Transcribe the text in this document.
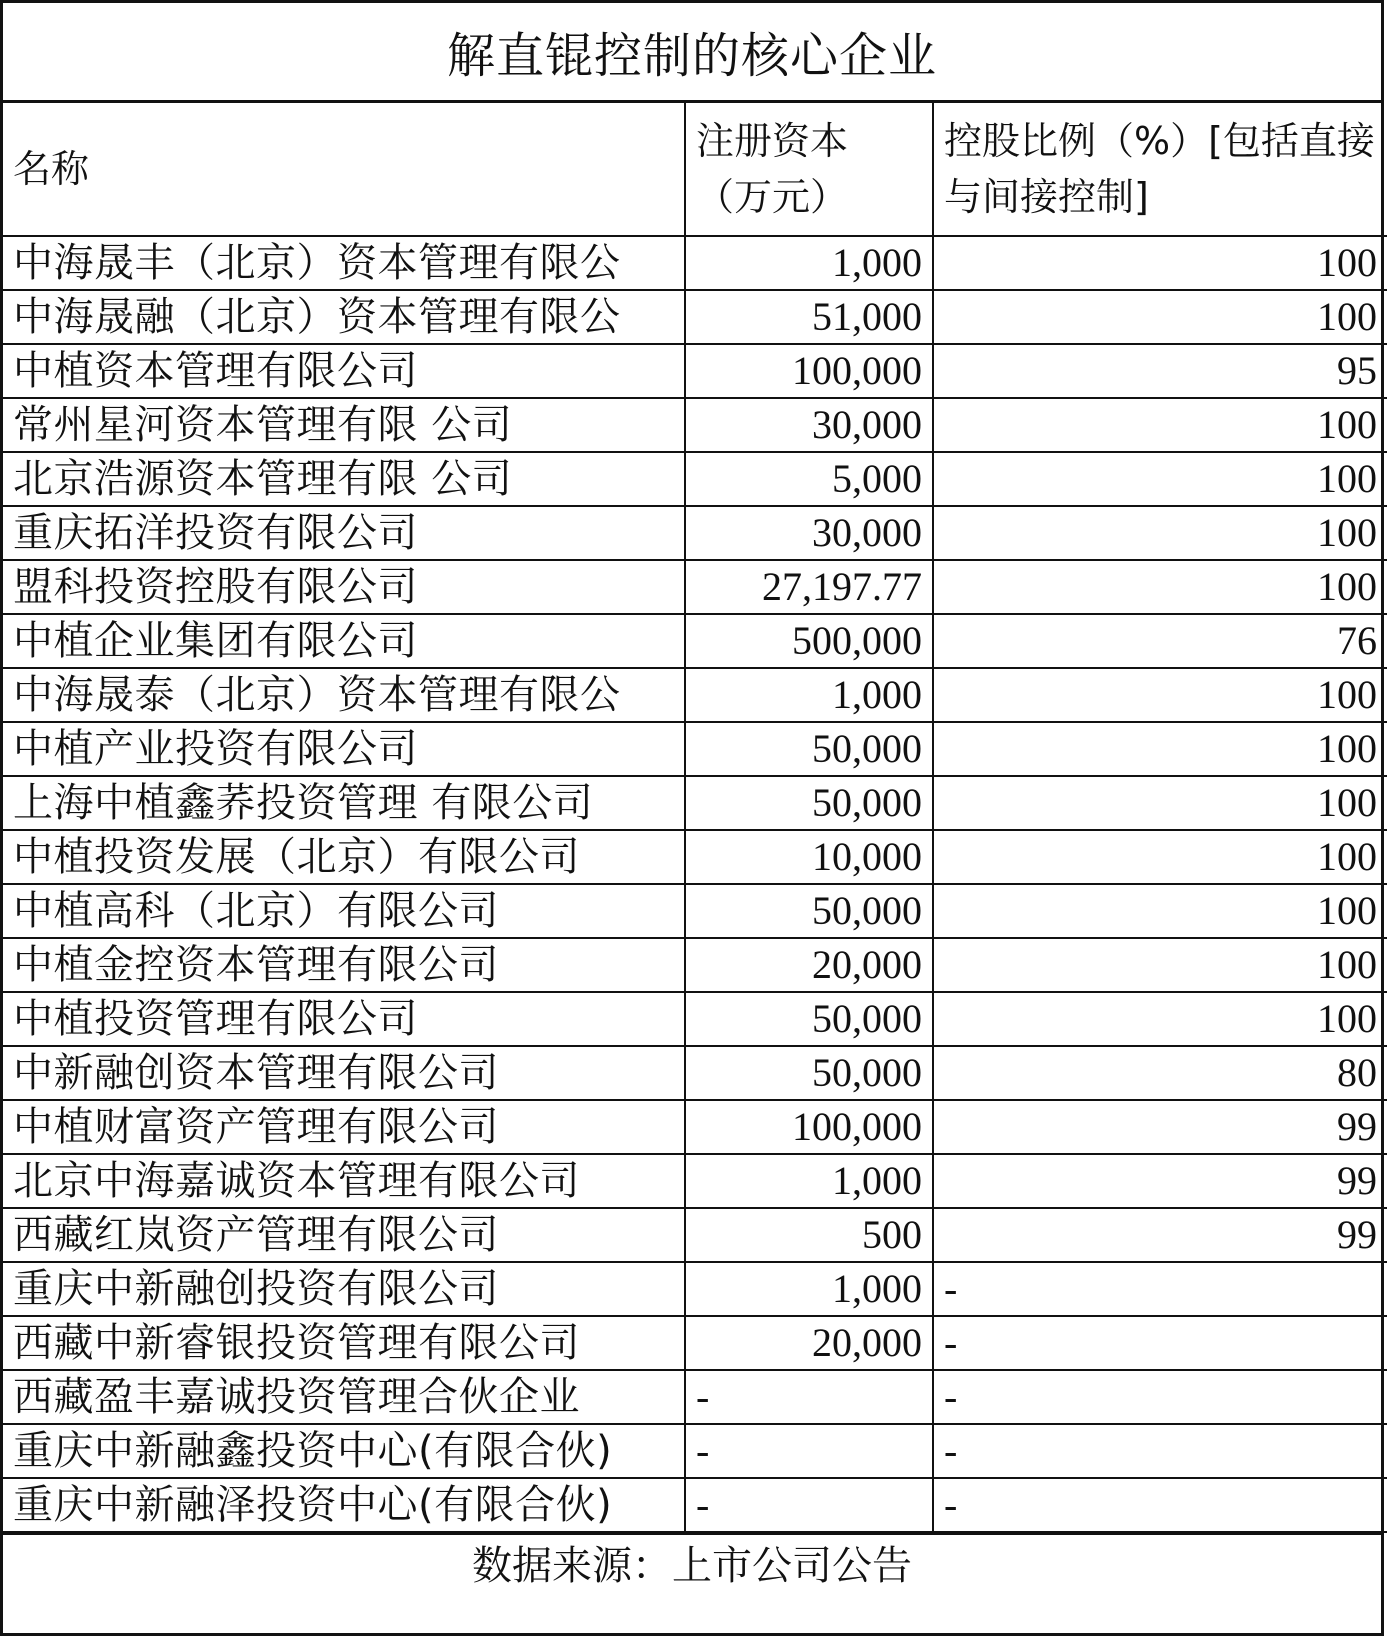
解直锟控制的核心企业
名称	注册资本（万元）	控股比例（%）[包括直接与间接控制]
中海晟丰（北京）资本管理有限公	1,000	100
中海晟融（北京）资本管理有限公	51,000	100
中植资本管理有限公司	100,000	95
常州星河资本管理有限 公司	30,000	100
北京浩源资本管理有限 公司	5,000	100
重庆拓洋投资有限公司	30,000	100
盟科投资控股有限公司	27,197.77	100
中植企业集团有限公司	500,000	76
中海晟泰（北京）资本管理有限公	1,000	100
中植产业投资有限公司	50,000	100
上海中植鑫荞投资管理 有限公司	50,000	100
中植投资发展（北京）有限公司	10,000	100
中植高科（北京）有限公司	50,000	100
中植金控资本管理有限公司	20,000	100
中植投资管理有限公司	50,000	100
中新融创资本管理有限公司	50,000	80
中植财富资产管理有限公司	100,000	99
北京中海嘉诚资本管理有限公司	1,000	99
西藏红岚资产管理有限公司	500	99
重庆中新融创投资有限公司	1,000	-
西藏中新睿银投资管理有限公司	20,000	-
西藏盈丰嘉诚投资管理合伙企业	-	-
重庆中新融鑫投资中心(有限合伙)	-	-
重庆中新融泽投资中心(有限合伙)	-	-
数据来源：上市公司公告
